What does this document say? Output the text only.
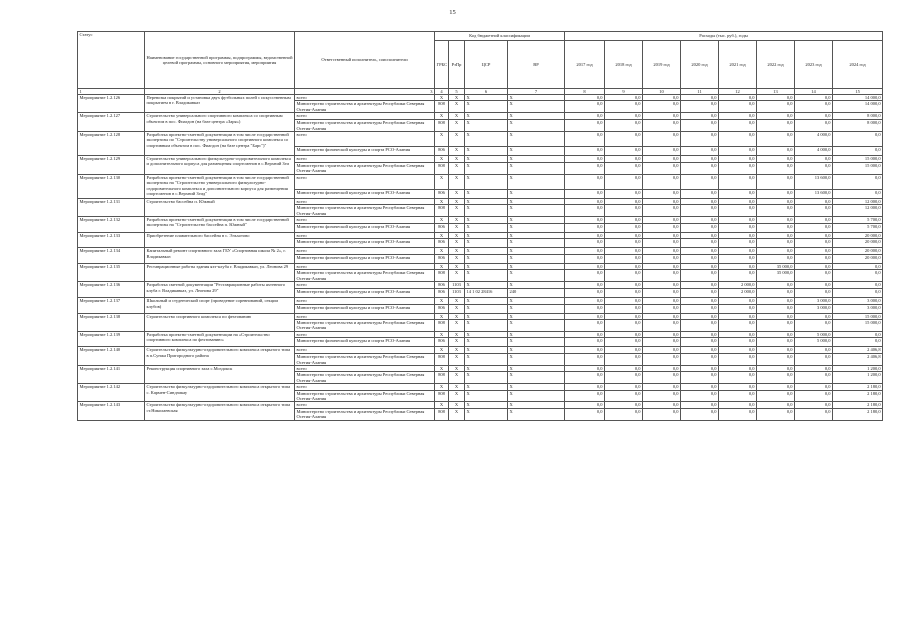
15
Статус	Наименование государственной программы, подпрограммы, ведомственной целевой программы, основного мероприятия, мероприятия	Ответственный исполнитель, соисполнители	Код бюджетной классификации				Расходы (тыс. руб.), годы							
			ГРБС	РзПр	ЦСР	ВР	2017 год	2018 год	2019 год	2020 год	2021 год	2022 год	2023 год	2024 год
1	2	3	4	5	6	7	8	9	10	11	12	13	14	15
Мероприятие 1.2.126	Перевозка покрытий и установка двух футбольных полей с искусственным покрытием в г. Владикавказ	всего	X	X	X	X	0,0	0,0	0,0	0,0	0,0	0,0	0,0	14 000,0
		Министерство строительства и архитектуры Республики Северная Осетия-Алания	808	X	X	X	0,0	0,0	0,0	0,0	0,0	0,0	0,0	14 000,0
Мероприятие 1.2.127	Строительство универсального спортивного комплекса со спортивным объектом в пос. Фиагдон (на базе центра «Заря»)	всего	X	X	X	X	0,0	0,0	0,0	0,0	0,0	0,0	0,0	8 000,0
		Министерство строительства и архитектуры Республики Северная Осетия-Алания	808	X	X	X	0,0	0,0	0,0	0,0	0,0	0,0	0,0	8 000,0
Мероприятие 1.2.128	Разработка проектно-сметной документации в том числе государственной экспертизы по "Строительству универсального спортивного комплекса со спортивным объектом в пос. Фиагдон (на базе центра "Барс")"	всего	X	X	X	X	0,0	0,0	0,0	0,0	0,0	0,0	4 000,0	0,0
		Министерство физической культуры и спорта РСО-Алания	806	X	X	X	0,0	0,0	0,0	0,0	0,0	0,0	4 000,0	0,0
Мероприятие 1.2.129	Строительство универсального физкультурно-оздоровительного комплекса и дополнительного корпуса для размещения спортсменов в с.Верхний Зги	всего	X	X	X	X	0,0	0,0	0,0	0,0	0,0	0,0	0,0	15 000,0
		Министерство строительства и архитектуры Республики Северная Осетия-Алания	808	X	X	X	0,0	0,0	0,0	0,0	0,0	0,0	0,0	15 000,0
Мероприятие 1.2.130	Разработка проектно-сметной документации в том числе государственной экспертизы на "Строительство универсального физкультурно-оздоровительного комплекса и дополнительного корпуса для размещения спортсменов в с.Верхний Згид"	всего	X	X	X	X	0,0	0,0	0,0	0,0	0,0	0,0	13 600,0	0,0
		Министерство физической культуры и спорта РСО-Алания	806	X	X	X	0,0	0,0	0,0	0,0	0,0	0,0	13 600,0	0,0
Мероприятие 1.2.131	Строительство бассейна п. Южный	всего	X	X	X	X	0,0	0,0	0,0	0,0	0,0	0,0	0,0	12 000,0
		Министерство строительства и архитектуры Республики Северная Осетия-Алания	808	X	X	X	0,0	0,0	0,0	0,0	0,0	0,0	0,0	12 000,0
Мероприятие 1.2.132	Разработка проектно-сметной документации в том числе государственной экспертизы на "Строительство бассейна п. Южный"	всего	X	X	X	X	0,0	0,0	0,0	0,0	0,0	0,0	0,0	5 700,0
		Министерство физической культуры и спорта РСО-Алания	806	X	X	X	0,0	0,0	0,0	0,0	0,0	0,0	0,0	5 700,0
Мероприятие 1.2.133	Приобретение плавательного бассейна в с. Эльхотово	всего	X	X	X	X	0,0	0,0	0,0	0,0	0,0	0,0	0,0	20 000,0
		Министерство физической культуры и спорта РСО-Алания	806	X	X	X	0,0	0,0	0,0	0,0	0,0	0,0	0,0	20 000,0
Мероприятие 1.2.134	Капитальный ремонт спортивного зала ГБУ «Спортивная школа № 2», г. Владикавказ	всего	X	X	X	X	0,0	0,0	0,0	0,0	0,0	0,0	0,0	20 000,0
		Министерство физической культуры и спорта РСО-Алания	806	X	X	X	0,0	0,0	0,0	0,0	0,0	0,0	0,0	20 000,0
Мероприятие 1.2.135	Реставрационные работы здания яхт-клуба г. Владикавказ, ул. Леонова 29	всего	X	X	X	X	0,0	0,0	0,0	0,0	0,0	35 000,0	0,0	0,0
		Министерство строительства и архитектуры Республики Северная Осетия-Алания	808	X	X	X	0,0	0,0	0,0	0,0	0,0	35 000,0	0,0	0,0
Мероприятие 1.2.136	Разработка сметной документации "Реставрационные работы яхтенного клуба г. Владикавказ, ул. Леонова 29"	всего	806	1103	X	X	0,0	0,0	0,0	0,0	2 000,0	0,0	0,0	0,0
		Министерство физической культуры и спорта РСО-Алания	806	1103	14 1 02 28416	240	0,0	0,0	0,0	0,0	2 000,0	0,0	0,0	0,0
Мероприятие 1.2.137	Школьный и студенческий спорт (проведение соревнований, секции клубов)	всего	X	X	X	X	0,0	0,0	0,0	0,0	0,0	0,0	3 000,0	3 000,0
		Министерство физической культуры и спорта РСО-Алания	806	X	X	X	0,0	0,0	0,0	0,0	0,0	0,0	3 000,0	3 000,0
Мероприятие 1.2.138	Строительство спортивного комплекса по фехтованию	всего	X	X	X	X	0,0	0,0	0,0	0,0	0,0	0,0	0,0	15 000,0
		Министерство строительства и архитектуры Республики Северная Осетия-Алания	808	X	X	X	0,0	0,0	0,0	0,0	0,0	0,0	0,0	15 000,0
Мероприятие 1.2.139	Разработка проектно-сметной документации на «Строительство спортивного комплекса по фехтованию»	всего	X	X	X	X	0,0	0,0	0,0	0,0	0,0	0,0	5 000,0	0,0
		Министерство физической культуры и спорта РСО-Алания	806	X	X	X	0,0	0,0	0,0	0,0	0,0	0,0	5 000,0	0,0
Мероприятие 1.2.140	Строительство физкультурно-оздоровительного комплекса открытого типа в п.Сунжа Пригородного района	всего	X	X	X	X	0,0	0,0	0,0	0,0	0,0	0,0	0,0	2 406,8
		Министерство строительства и архитектуры Республики Северная Осетия-Алания	808	X	X	X	0,0	0,0	0,0	0,0	0,0	0,0	0,0	2 406,8
Мероприятие 1.2.141	Реконструкция спортивного зала с.Моздокск	всего	X	X	X	X	0,0	0,0	0,0	0,0	0,0	0,0	0,0	1 200,0
		Министерство строительства и архитектуры Республики Северная Осетия-Алания	808	X	X	X	0,0	0,0	0,0	0,0	0,0	0,0	0,0	1 200,0
Мероприятие 1.2.142	Строительство физкультурно-оздоровительного комплекса открытого типа с. Кармен-Синдзикау	всего	X	X	X	X	0,0	0,0	0,0	0,0	0,0	0,0	0,0	2 180,0
		Министерство строительства и архитектуры Республики Северная Осетия-Алания	808	X	X	X	0,0	0,0	0,0	0,0	0,0	0,0	0,0	2 180,0
Мероприятие 1.2.143	Строительство физкультурно-оздоровительного комплекса открытого типа ст.Николаевская	всего	X	X	X	X	0,0	0,0	0,0	0,0	0,0	0,0	0,0	2 180,0
		Министерство строительства и архитектуры Республики Северная Осетия-Алания	808	X	X	X	0,0	0,0	0,0	0,0	0,0	0,0	0,0	2 180,0
